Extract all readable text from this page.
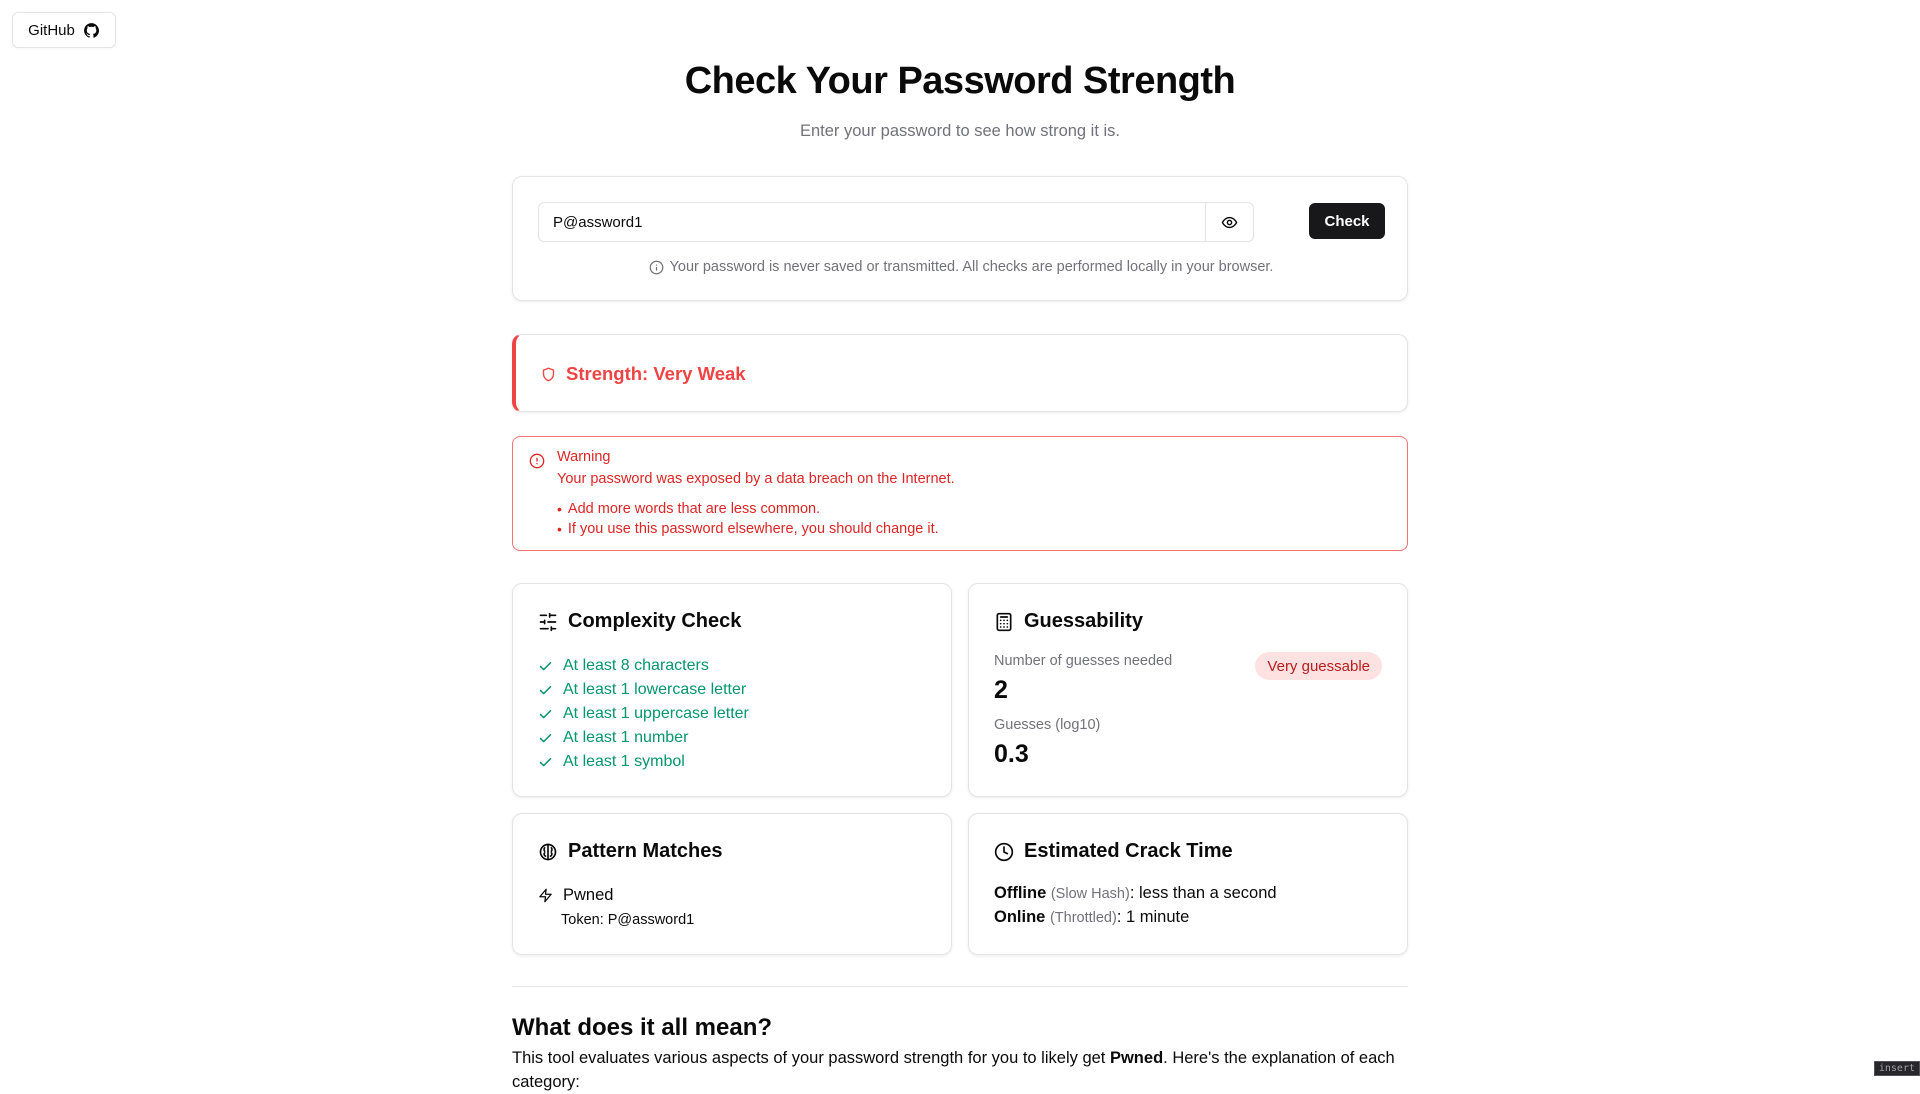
GitHub
Check Your Password Strength

Enter your password to see how strong it is.

P@assword1
Check
Your password is never saved or transmitted. All checks are performed locally in your browser.
Strength: Very Weak
Warning
Your password was exposed by a data breach on the Internet.
• Add more words that are less common.
• If you use this password elsewhere, you should change it.
Complexity Check
At least 8 characters
At least 1 lowercase letter
At least 1 uppercase letter
At least 1 number
At least 1 symbol
Guessability
Number of guesses needed
2
Very guessable
Guesses (log10)
0.3
Pattern Matches
Pwned
Token: P@assword1
Estimated Crack Time
Offline (Slow Hash): less than a second
Online (Throttled): 1 minute
What does it all mean?

This tool evaluates various aspects of your password strength for you to likely get Pwned. Here's the explanation of each category:

insert
